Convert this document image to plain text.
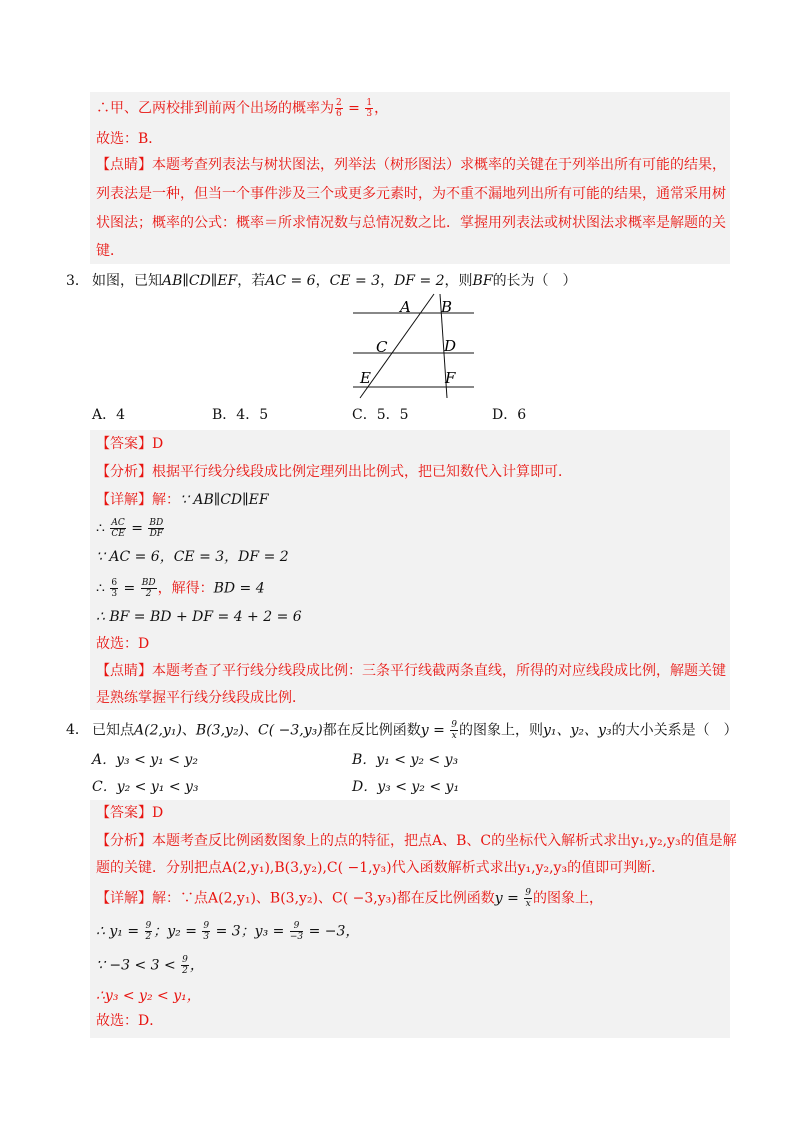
∴甲、乙两校排到前两个出场的概率为 $\frac{2}{6} = \frac{1}{3}$ ，
故选：B．
【点睛】本题考查列表法与树状图法，列举法（树形图法）求概率的关键在于列举出所有可能的结果，
列表法是一种，但当一个事件涉及三个或更多元素时，为不重不漏地列出所有可能的结果，通常采用树
状图法；概率的公式：概率＝所求情况数与总情况数之比．掌握用列表法或树状图法求概率是解题的关
键．
3． 如图，已知AB∥CD∥EF，若AC = 6，CE = 3，DF = 2，则BF的长为（　）
A B
C	D
E	F
A．4	B．4．5	C．5．5	D．6
【答案】D
【分析】根据平行线分线段成比例定理列出比例式，把已知数代入计算即可．
【详解】解：∵ AB∥CD∥EF
∴ $\frac{AC}{CE} = \frac{BD}{DF}$
∵ AC = 6，CE = 3，DF = 2
∴ $\frac{6}{3} = \frac{BD}{2}$ ，解得：BD = 4
∴ BF = BD + DF = 4 + 2 = 6
故选：D
【点睛】本题考查了平行线分线段成比例：三条平行线截两条直线，所得的对应线段成比例，解题关键
是熟练掌握平行线分线段成比例．
4． 已知点A(2,y₁)、B(3,y₂)、C( −3,y₃)都在反比例函数$y = \frac{9}{x}$ 的图象上，则y₁、y₂、y₃的大小关系是（　）
A．y₃ < y₁ < y₂	B．y₁ < y₂ < y₃
C．y₂ < y₁ < y₃	D．y₃ < y₂ < y₁
【答案】D
【分析】本题考查反比例函数图象上的点的特征，把点A、B、C的坐标代入解析式求出y₁,y₂,y₃的值是解
题的关键．分别把点A(2,y₁),B(3,y₂),C( −1,y₃)代入函数解析式求出y₁,y₂,y₃的值即可判断．
【详解】解：∵点A(2,y₁)、B(3,y₂)、C( −3,y₃)都在反比例函数$y = \frac{9}{x}$ 的图象上，
∴ $y_1 = \frac{9}{2}$ ；$y_2 = \frac{9}{3} = 3$；$y_3 = \frac{9}{-3} = -3$，
∵ $-3 < 3 < \frac{9}{2}$ ，
∴y₃ < y₂ < y₁，
故选：D．
